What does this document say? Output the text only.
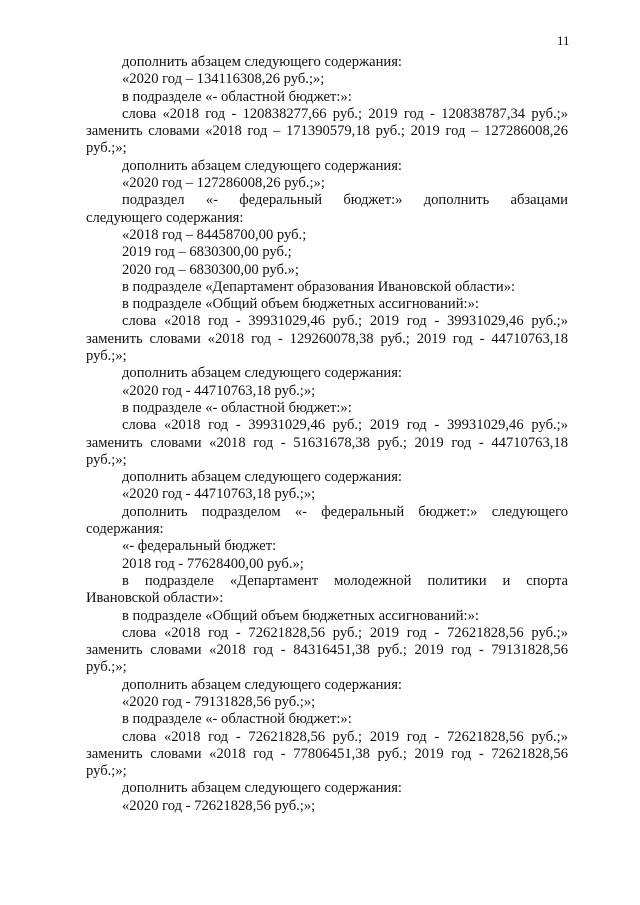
11
дополнить абзацем следующего содержания:
«2020 год – 134116308,26 руб.;»;
в подразделе «- областной бюджет:»:
слова «2018 год - 120838277,66 руб.; 2019 год - 120838787,34 руб.;»
заменить словами «2018 год – 171390579,18 руб.; 2019 год – 127286008,26
руб.;»;
дополнить абзацем следующего содержания:
«2020 год – 127286008,26 руб.;»;
подраздел «- федеральный бюджет:» дополнить абзацами
следующего содержания:
«2018 год – 84458700,00 руб.;
2019 год – 6830300,00 руб.;
2020 год – 6830300,00 руб.»;
в подразделе «Департамент образования Ивановской области»:
в подразделе «Общий объем бюджетных ассигнований:»:
слова «2018 год - 39931029,46 руб.; 2019 год - 39931029,46 руб.;»
заменить словами «2018 год - 129260078,38 руб.; 2019 год - 44710763,18
руб.;»;
дополнить абзацем следующего содержания:
«2020 год - 44710763,18 руб.;»;
в подразделе «- областной бюджет:»:
слова «2018 год - 39931029,46 руб.; 2019 год - 39931029,46 руб.;»
заменить словами «2018 год - 51631678,38 руб.; 2019 год - 44710763,18
руб.;»;
дополнить абзацем следующего содержания:
«2020 год - 44710763,18 руб.;»;
дополнить подразделом «- федеральный бюджет:» следующего
содержания:
«- федеральный бюджет:
2018 год - 77628400,00 руб.»;
в подразделе «Департамент молодежной политики и спорта
Ивановской области»:
в подразделе «Общий объем бюджетных ассигнований:»:
слова «2018 год - 72621828,56 руб.; 2019 год - 72621828,56 руб.;»
заменить словами «2018 год - 84316451,38 руб.; 2019 год - 79131828,56
руб.;»;
дополнить абзацем следующего содержания:
«2020 год - 79131828,56 руб.;»;
в подразделе «- областной бюджет:»:
слова «2018 год - 72621828,56 руб.; 2019 год - 72621828,56 руб.;»
заменить словами «2018 год - 77806451,38 руб.; 2019 год - 72621828,56
руб.;»;
дополнить абзацем следующего содержания:
«2020 год - 72621828,56 руб.;»;
